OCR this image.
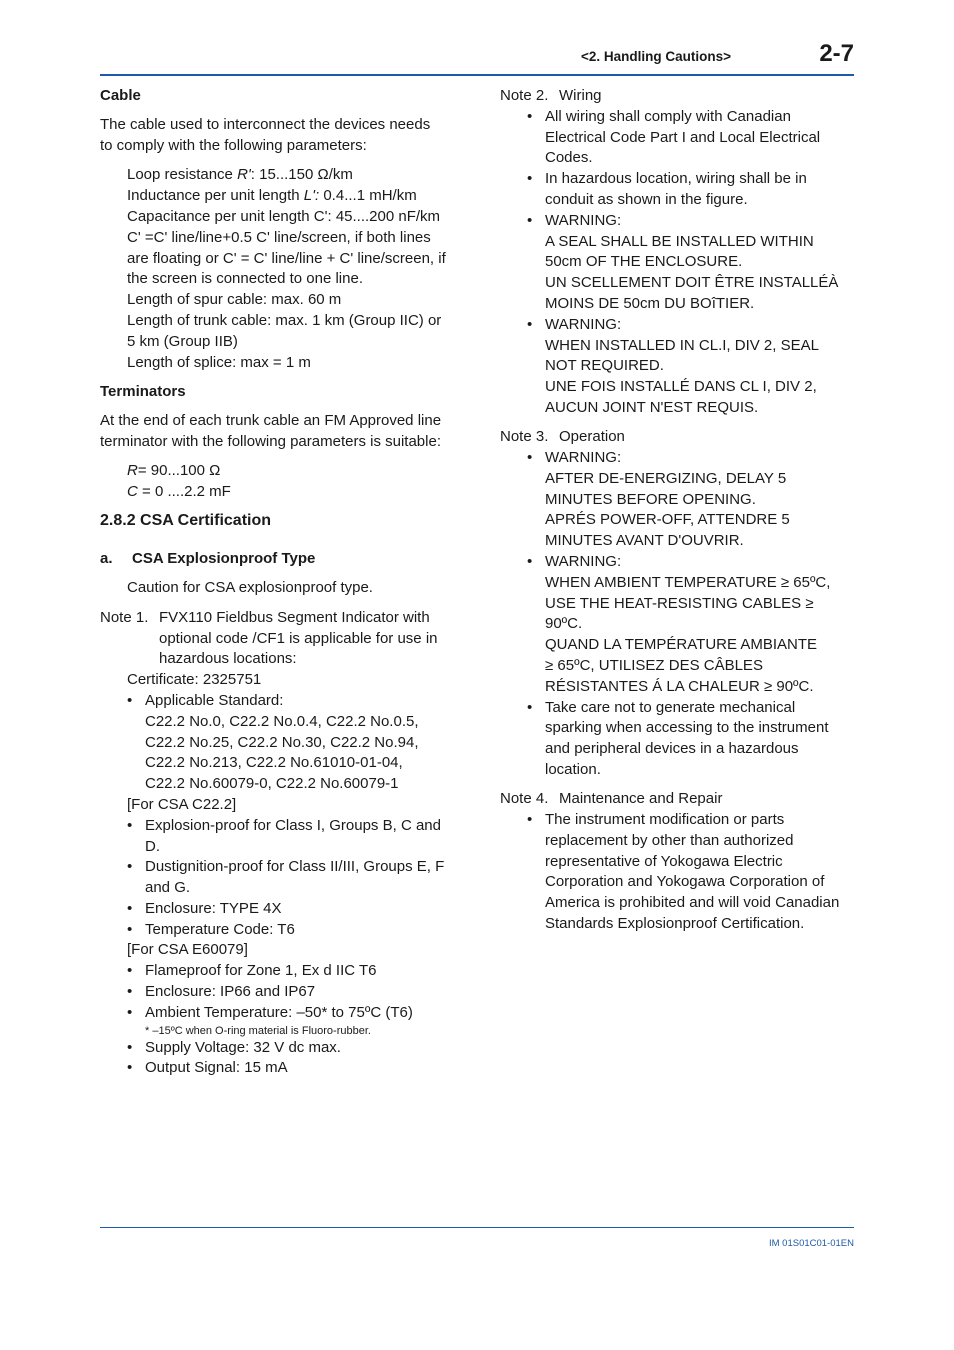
<2. Handling Cautions>	2-7
Cable
The cable used to interconnect the devices needs
to comply with the following parameters:
Loop resistance R': 15...150 Ω/km
Inductance per unit length L': 0.4...1 mH/km
Capacitance per unit length C': 45....200 nF/km
C' =C' line/line+0.5 C' line/screen, if both lines
are floating or C' = C' line/line + C' line/screen, if
the screen is connected to one line.
Length of spur cable: max. 60 m
Length of trunk cable: max. 1 km (Group IIC) or
5 km (Group IIB)
Length of splice: max = 1 m
Terminators
At the end of each trunk cable an FM Approved line
terminator with the following parameters is suitable:
R= 90...100 Ω
C = 0 ....2.2 mF
2.8.2 CSA Certification
a. CSA Explosionproof Type
Caution for CSA explosionproof type.
Note 1. FVX110 Fieldbus Segment Indicator with
optional code /CF1 is applicable for use in
hazardous locations:
Certificate: 2325751
• Applicable Standard:
C22.2 No.0, C22.2 No.0.4, C22.2 No.0.5,
C22.2 No.25, C22.2 No.30, C22.2 No.94,
C22.2 No.213, C22.2 No.61010-01-04,
C22.2 No.60079-0, C22.2 No.60079-1
[For CSA C22.2]
• Explosion-proof for Class I, Groups B, C and
D.
• Dustignition-proof for Class II/III, Groups E, F
and G.
• Enclosure: TYPE 4X
• Temperature Code: T6
[For CSA E60079]
• Flameproof for Zone 1, Ex d IIC T6
• Enclosure: IP66 and IP67
• Ambient Temperature: –50* to 75ºC (T6)
* –15ºC when O-ring material is Fluoro-rubber.
• Supply Voltage: 32 V dc max.
• Output Signal: 15 mA
Note 2. Wiring
• All wiring shall comply with Canadian
Electrical Code Part I and Local Electrical
Codes.
• In hazardous location, wiring shall be in
conduit as shown in the figure.
• WARNING:
A SEAL SHALL BE INSTALLED WITHIN
50cm OF THE ENCLOSURE.
UN SCELLEMENT DOIT ÊTRE INSTALLÉÀ
MOINS DE 50cm DU BOîTIER.
• WARNING:
WHEN INSTALLED IN CL.I, DIV 2, SEAL
NOT REQUIRED.
UNE FOIS INSTALLÉ DANS CL I, DIV 2,
AUCUN JOINT N'EST REQUIS.
Note 3. Operation
• WARNING:
AFTER DE-ENERGIZING, DELAY 5
MINUTES BEFORE OPENING.
APRÉS POWER-OFF, ATTENDRE 5
MINUTES AVANT D'OUVRIR.
• WARNING:
WHEN AMBIENT TEMPERATURE ≥ 65ºC,
USE THE HEAT-RESISTING CABLES ≥
90ºC.
QUAND LA TEMPÉRATURE AMBIANTE
≥ 65ºC, UTILISEZ DES CÂBLES
RÉSISTANTES Á LA CHALEUR ≥ 90ºC.
• Take care not to generate mechanical
sparking when accessing to the instrument
and peripheral devices in a hazardous
location.
Note 4. Maintenance and Repair
• The instrument modification or parts
replacement by other than authorized
representative of Yokogawa Electric
Corporation and Yokogawa Corporation of
America is prohibited and will void Canadian
Standards Explosionproof Certification.
IM 01S01C01-01EN
